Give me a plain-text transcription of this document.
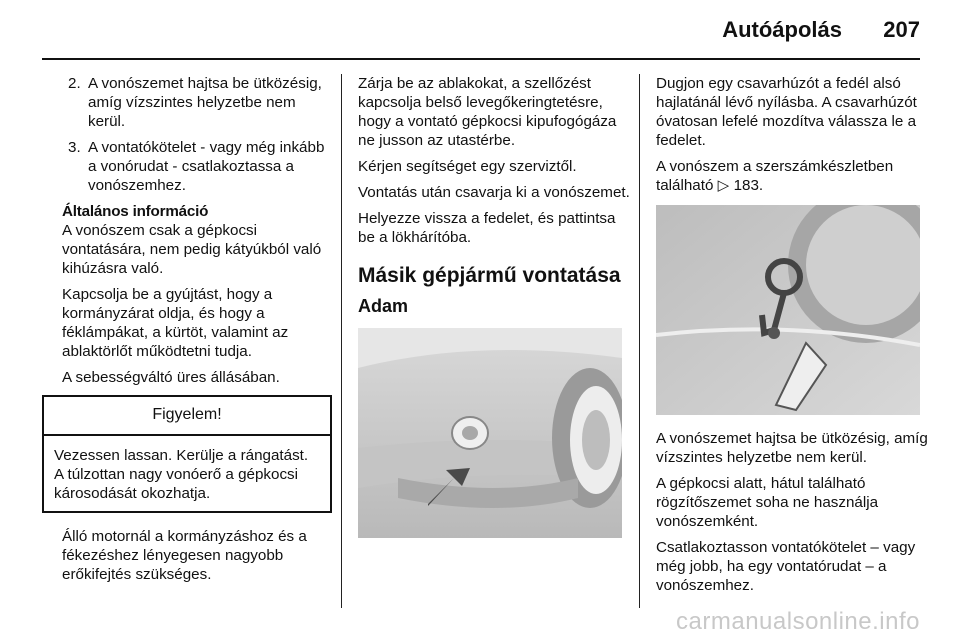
Autóápolás 207
2. A vonószemet hajtsa be ütközésig, amíg vízszintes helyzetbe nem kerül.
3. A vontatókötelet - vagy még inkább a vonórudat - csatlakoztassa a vonószemhez.
Általános információ

A vonószem csak a gépkocsi vontatására, nem pedig kátyúkból való kihúzásra való.

Kapcsolja be a gyújtást, hogy a kormányzárat oldja, és hogy a féklámpákat, a kürtöt, valamint az ablaktörlőt működtetni tudja.

A sebességváltó üres állásában.

Figyelem!
Vezessen lassan. Kerülje a rángatást. A túlzottan nagy vonóerő a gépkocsi károsodását okozhatja.

Álló motornál a kormányzáshoz és a fékezéshez lényegesen nagyobb erőkifejtés szükséges.

Zárja be az ablakokat, a szellőzést kapcsolja belső levegőkeringtetésre, hogy a vontató gépkocsi kipufogógáza ne jusson az utastérbe.

Kérjen segítséget egy szerviztől.

Vontatás után csavarja ki a vonószemet.

Helyezze vissza a fedelet, és pattintsa be a lökhárítóba.

Másik gépjármű vontatása
Adam

Dugjon egy csavarhúzót a fedél alsó hajlatánál lévő nyílásba. A csavarhúzót óvatosan lefelé mozdítva válassza le a fedelet.

A vonószem a szerszámkészletben található ▷ 183.

A vonószemet hajtsa be ütközésig, amíg vízszintes helyzetbe nem kerül.

A gépkocsi alatt, hátul található rögzítőszemet soha ne használja vonószemként.

Csatlakoztasson vontatókötelet – vagy még jobb, ha egy vontatórudat – a vonószemhez.

carmanualsonline.info
